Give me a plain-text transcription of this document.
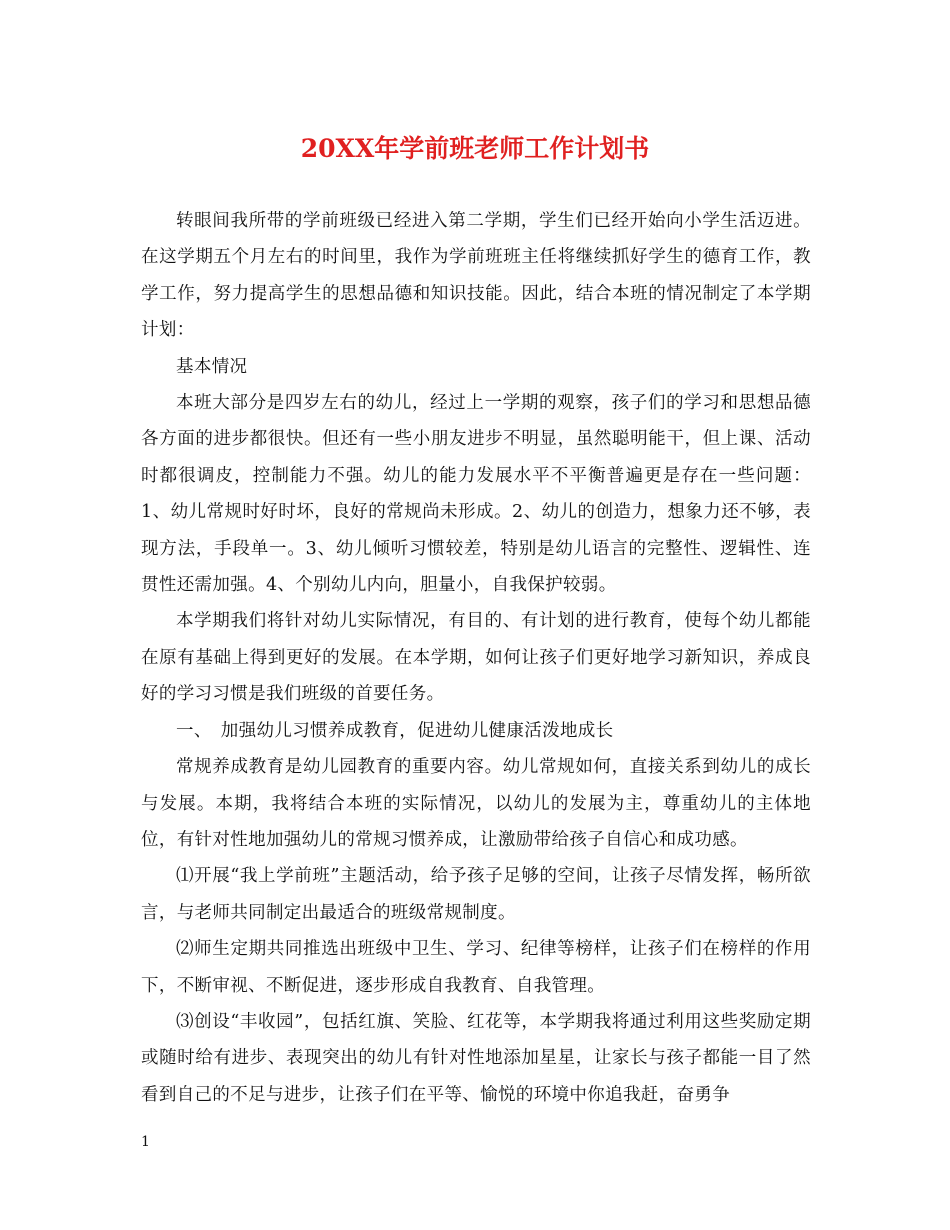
20XX年学前班老师工作计划书

转眼间我所带的学前班级已经进入第二学期，学生们已经开始向小学生活迈进。在这学期五个月左右的时间里，我作为学前班班主任将继续抓好学生的德育工作，教学工作，努力提高学生的思想品德和知识技能。因此，结合本班的情况制定了本学期计划：

基本情况

本班大部分是四岁左右的幼儿，经过上一学期的观察，孩子们的学习和思想品德各方面的进步都很快。但还有一些小朋友进步不明显，虽然聪明能干，但上课、活动时都很调皮，控制能力不强。幼儿的能力发展水平不平衡普遍更是存在一些问题：1、幼儿常规时好时坏，良好的常规尚未形成。2、幼儿的创造力，想象力还不够，表现方法，手段单一。3、幼儿倾听习惯较差，特别是幼儿语言的完整性、逻辑性、连贯性还需加强。4、个别幼儿内向，胆量小，自我保护较弱。

本学期我们将针对幼儿实际情况，有目的、有计划的进行教育，使每个幼儿都能在原有基础上得到更好的发展。在本学期，如何让孩子们更好地学习新知识，养成良好的学习习惯是我们班级的首要任务。

一、　加强幼儿习惯养成教育，促进幼儿健康活泼地成长

常规养成教育是幼儿园教育的重要内容。幼儿常规如何，直接关系到幼儿的成长与发展。本期，我将结合本班的实际情况，以幼儿的发展为主，尊重幼儿的主体地位，有针对性地加强幼儿的常规习惯养成，让激励带给孩子自信心和成功感。

⑴开展“我上学前班”主题活动，给予孩子足够的空间，让孩子尽情发挥，畅所欲言，与老师共同制定出最适合的班级常规制度。

⑵师生定期共同推选出班级中卫生、学习、纪律等榜样，让孩子们在榜样的作用下，不断审视、不断促进，逐步形成自我教育、自我管理。

⑶创设“丰收园”，包括红旗、笑脸、红花等，本学期我将通过利用这些奖励定期或随时给有进步、表现突出的幼儿有针对性地添加星星，让家长与孩子都能一目了然看到自己的不足与进步，让孩子们在平等、愉悦的环境中你追我赶，奋勇争

1
